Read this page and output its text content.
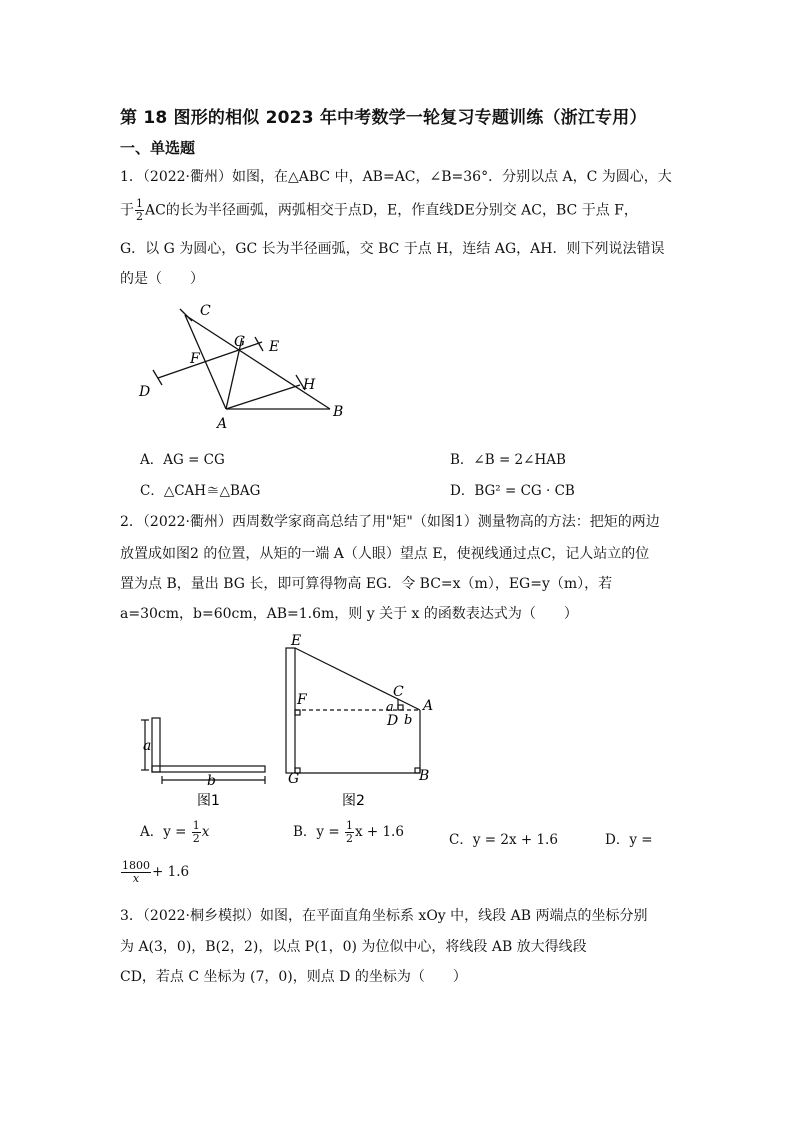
第 18 图形的相似 2023 年中考数学一轮复习专题训练（浙江专用）
一、单选题
1．（2022·衢州）如图，在△ABC 中，AB=AC，∠B=36°．分别以点 A，C 为圆心，大
于 $\frac{1}{2}$ AC的长为半径画弧，两弧相交于点D，E，作直线DE分别交 AC，BC 于点 F，
G．以 G 为圆心，GC 长为半径画弧，交 BC 于点 H，连结 AG，AH．则下列说法错误
的是（　　）
C
G E
F
H
D
A
B
A．AG = CG	B．∠B = 2∠HAB
C．△CAH≅△BAG	D．BG² = CG · CB
2．（2022·衢州）西周数学家商高总结了用"矩"（如图1）测量物高的方法：把矩的两边
放置成如图2 的位置，从矩的一端 A（人眼）望点 E，使视线通过点C，记人站立的位
置为点 B，量出 BG 长，即可算得物高 EG．令 BC=x（m），EG=y（m），若
a=30cm，b=60cm，AB=1.6m，则 y 关于 x 的函数表达式为（　　）
a
b
图1
E
F	C
a A
D b
G	B
图2
A．$y = \frac{1}{2}$ x	B．$y = \frac{1}{2}$ x + 1.6	C．y = 2x + 1.6	D．y =
$\frac{1800}{x} + 1.6$
3．（2022·桐乡模拟）如图，在平面直角坐标系 xOy 中，线段 AB 两端点的坐标分别
为 A(3，0)，B(2，2)，以点 P(1，0) 为位似中心，将线段 AB 放大得线段
CD，若点 C 坐标为 (7，0)，则点 D 的坐标为（　　）
